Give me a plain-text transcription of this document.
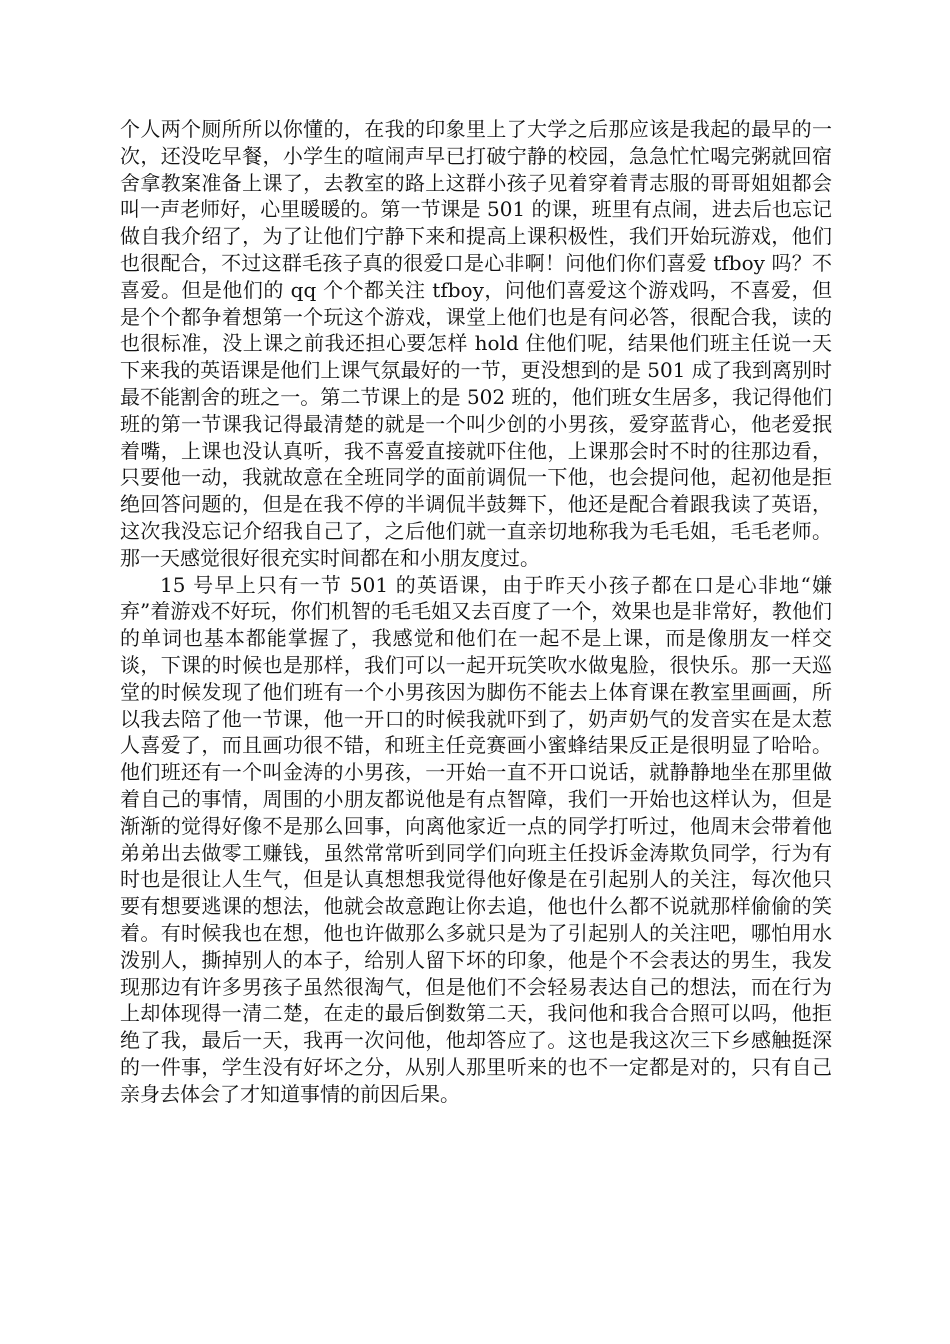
个人两个厕所所以你懂的，在我的印象里上了大学之后那应该是我起的最早的一次，还没吃早餐，小学生的喧闹声早已打破宁静的校园，急急忙忙喝完粥就回宿舍拿教案准备上课了，去教室的路上这群小孩子见着穿着青志服的哥哥姐姐都会叫一声老师好，心里暖暖的。第一节课是 501 的课，班里有点闹，进去后也忘记做自我介绍了，为了让他们宁静下来和提高上课积极性，我们开始玩游戏，他们也很配合，不过这群毛孩子真的很爱口是心非啊！问他们你们喜爱 tfboy 吗？不喜爱。但是他们的 qq 个个都关注 tfboy，问他们喜爱这个游戏吗，不喜爱，但是个个都争着想第一个玩这个游戏，课堂上他们也是有问必答，很配合我，读的也很标准，没上课之前我还担心要怎样 hold 住他们呢，结果他们班主任说一天下来我的英语课是他们上课气氛最好的一节，更没想到的是 501 成了我到离别时最不能割舍的班之一。第二节课上的是 502 班的，他们班女生居多，我记得他们班的第一节课我记得最清楚的就是一个叫少创的小男孩，爱穿蓝背心，他老爱抿着嘴，上课也没认真听，我不喜爱直接就吓住他，上课那会时不时的往那边看，只要他一动，我就故意在全班同学的面前调侃一下他，也会提问他，起初他是拒绝回答问题的，但是在我不停的半调侃半鼓舞下，他还是配合着跟我读了英语，这次我没忘记介绍我自己了，之后他们就一直亲切地称我为毛毛姐，毛毛老师。那一天感觉很好很充实时间都在和小朋友度过。

15 号早上只有一节 501 的英语课，由于昨天小孩子都在口是心非地“嫌弃”着游戏不好玩，你们机智的毛毛姐又去百度了一个，效果也是非常好，教他们的单词也基本都能掌握了，我感觉和他们在一起不是上课，而是像朋友一样交谈，下课的时候也是那样，我们可以一起开玩笑吹水做鬼脸，很快乐。那一天巡堂的时候发现了他们班有一个小男孩因为脚伤不能去上体育课在教室里画画，所以我去陪了他一节课，他一开口的时候我就吓到了，奶声奶气的发音实在是太惹人喜爱了，而且画功很不错，和班主任竞赛画小蜜蜂结果反正是很明显了哈哈。他们班还有一个叫金涛的小男孩，一开始一直不开口说话，就静静地坐在那里做着自己的事情，周围的小朋友都说他是有点智障，我们一开始也这样认为，但是渐渐的觉得好像不是那么回事，向离他家近一点的同学打听过，他周末会带着他弟弟出去做零工赚钱，虽然常常听到同学们向班主任投诉金涛欺负同学，行为有时也是很让人生气，但是认真想想我觉得他好像是在引起别人的关注，每次他只要有想要逃课的想法，他就会故意跑让你去追，他也什么都不说就那样偷偷的笑着。有时候我也在想，他也许做那么多就只是为了引起别人的关注吧，哪怕用水泼别人，撕掉别人的本子，给别人留下坏的印象，他是个不会表达的男生，我发现那边有许多男孩子虽然很淘气，但是他们不会轻易表达自己的想法，而在行为上却体现得一清二楚，在走的最后倒数第二天，我问他和我合合照可以吗，他拒绝了我，最后一天，我再一次问他，他却答应了。这也是我这次三下乡感触挺深的一件事，学生没有好坏之分，从别人那里听来的也不一定都是对的，只有自己亲身去体会了才知道事情的前因后果。
